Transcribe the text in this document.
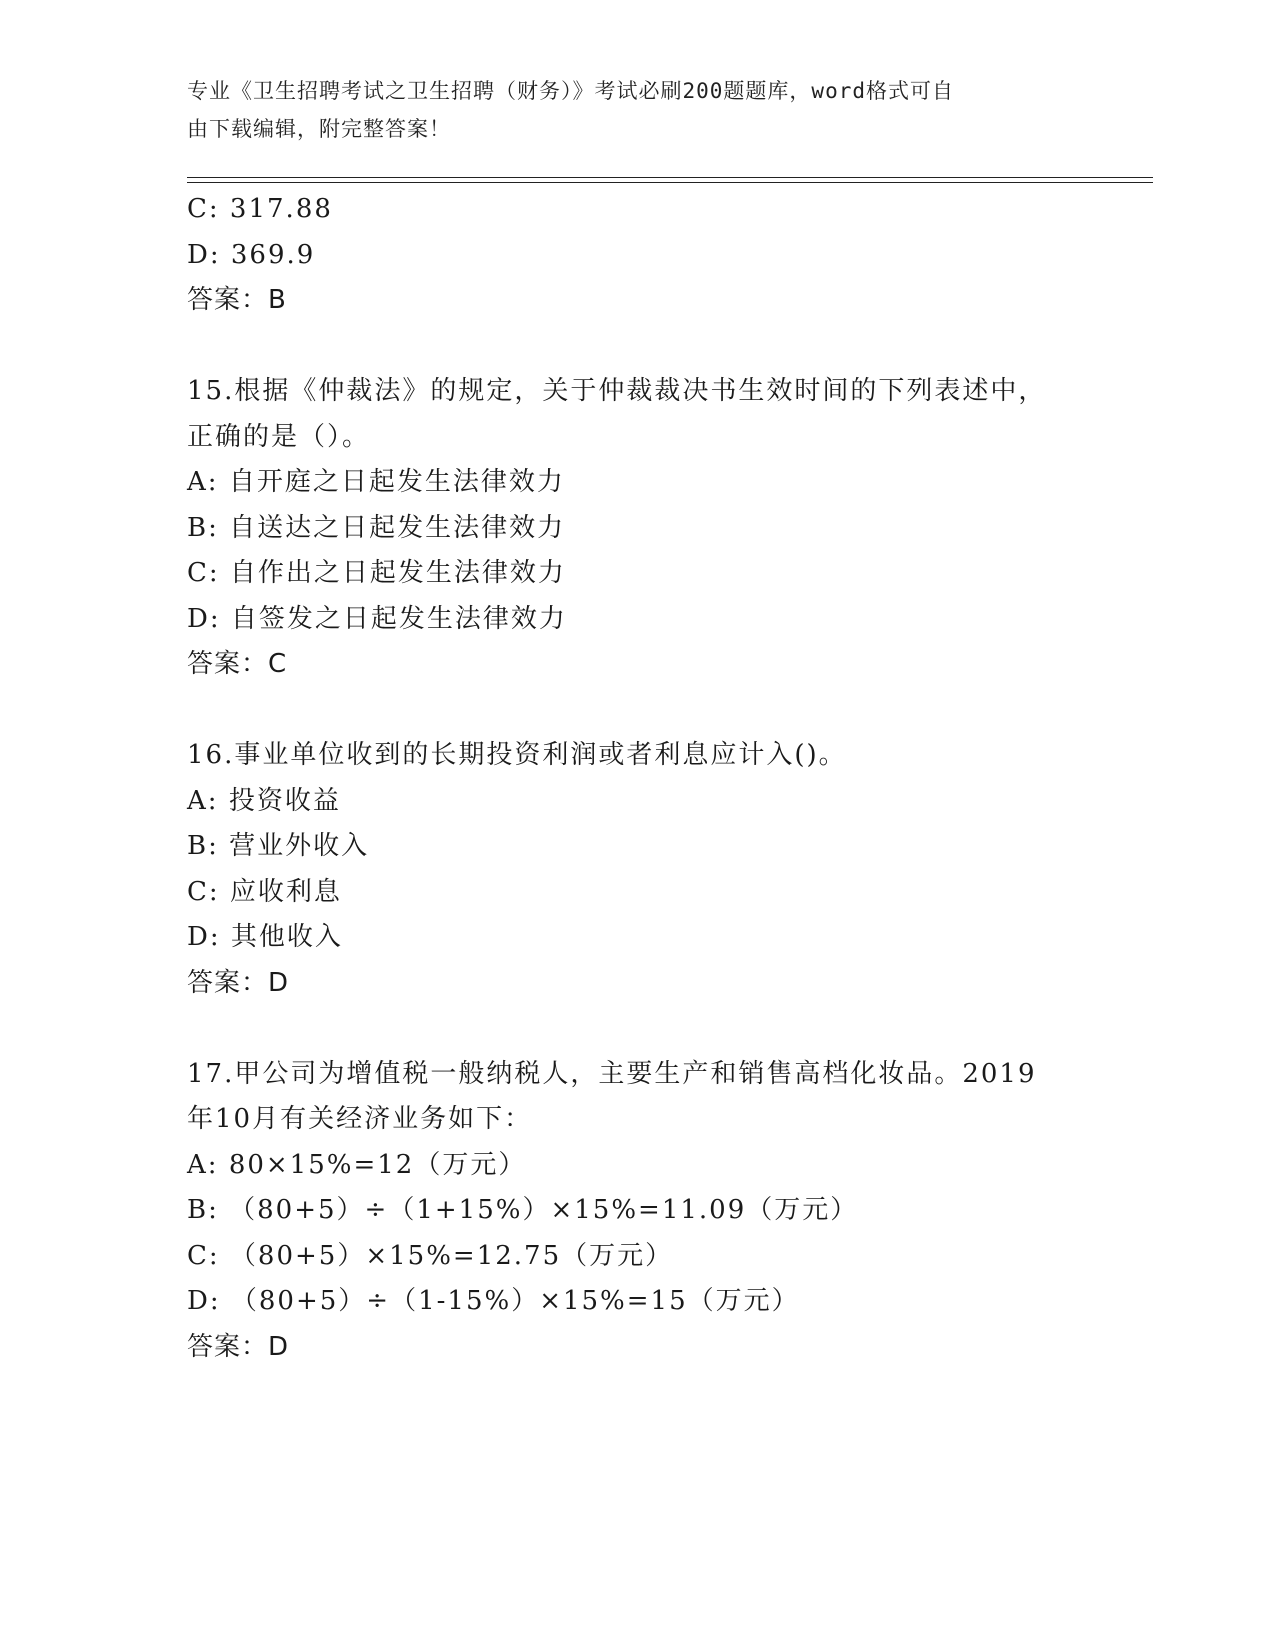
专业《卫生招聘考试之卫生招聘（财务）》考试必刷200题题库，word格式可自
由下载编辑，附完整答案！
C: 317.88
D: 369.9
答案：B
15.根据《仲裁法》的规定，关于仲裁裁决书生效时间的下列表述中，
正确的是（）。
A: 自开庭之日起发生法律效力
B: 自送达之日起发生法律效力
C: 自作出之日起发生法律效力
D: 自签发之日起发生法律效力
答案：C
16.事业单位收到的长期投资利润或者利息应计入()。
A: 投资收益
B: 营业外收入
C: 应收利息
D: 其他收入
答案：D
17.甲公司为增值税一般纳税人，主要生产和销售高档化妆品。2019
年10月有关经济业务如下：
A: 80×15%=12（万元）
B: （80+5）÷（1+15%）×15%=11.09（万元）
C: （80+5）×15%=12.75（万元）
D: （80+5）÷（1-15%）×15%=15（万元）
答案：D
